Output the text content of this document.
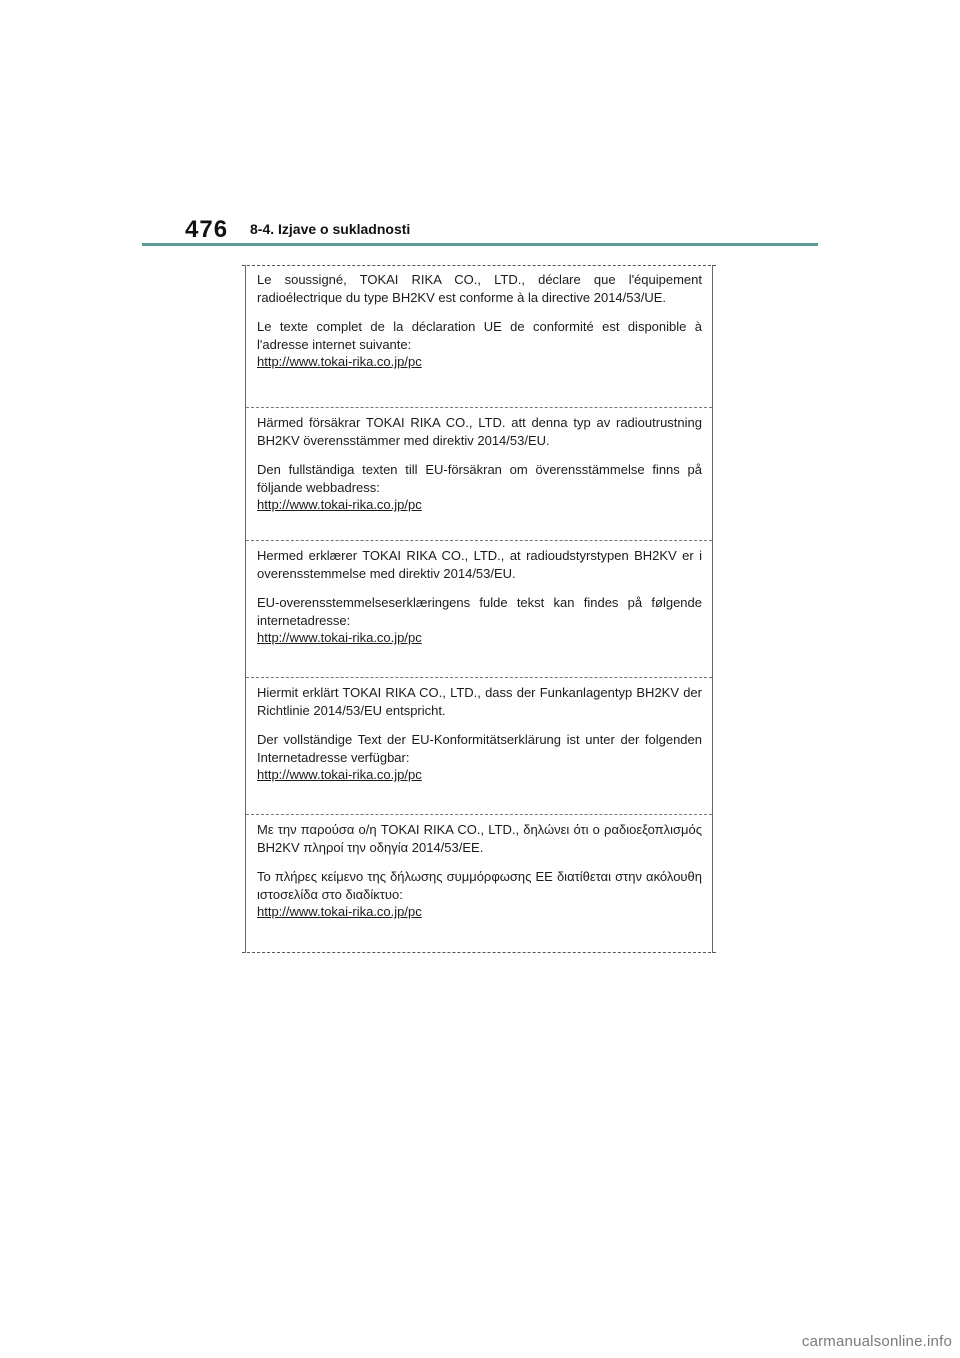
476 8-4. Izjave o sukladnosti

Le soussigné, TOKAI RIKA CO., LTD., déclare que l'équipement radioélectrique du type BH2KV est conforme à la directive 2014/53/UE.

Le texte complet de la déclaration UE de conformité est disponible à l'adresse internet suivante:
http://www.tokai-rika.co.jp/pc

Härmed försäkrar TOKAI RIKA CO., LTD. att denna typ av radioutrustning BH2KV överensstämmer med direktiv 2014/53/EU.

Den fullständiga texten till EU-försäkran om överensstämmelse finns på följande webbadress:
http://www.tokai-rika.co.jp/pc

Hermed erklærer TOKAI RIKA CO., LTD., at radioudstyrstypen BH2KV er i overensstemmelse med direktiv 2014/53/EU.

EU-overensstemmelseserklæringens fulde tekst kan findes på følgende internetadresse:
http://www.tokai-rika.co.jp/pc

Hiermit erklärt TOKAI RIKA CO., LTD., dass der Funkanlagentyp BH2KV der Richtlinie 2014/53/EU entspricht.

Der vollständige Text der EU-Konformitätserklärung ist unter der folgenden Internetadresse verfügbar:
http://www.tokai-rika.co.jp/pc

Με την παρούσα ο/η TOKAI RIKA CO., LTD., δηλώνει ότι ο ραδιοεξοπλισμός BH2KV πληροί την οδηγία 2014/53/ΕΕ.

Το πλήρες κείμενο της δήλωσης συμμόρφωσης ΕΕ διατίθεται στην ακόλουθη ιστοσελίδα στο διαδίκτυο:
http://www.tokai-rika.co.jp/pc

carmanualsonline.info
